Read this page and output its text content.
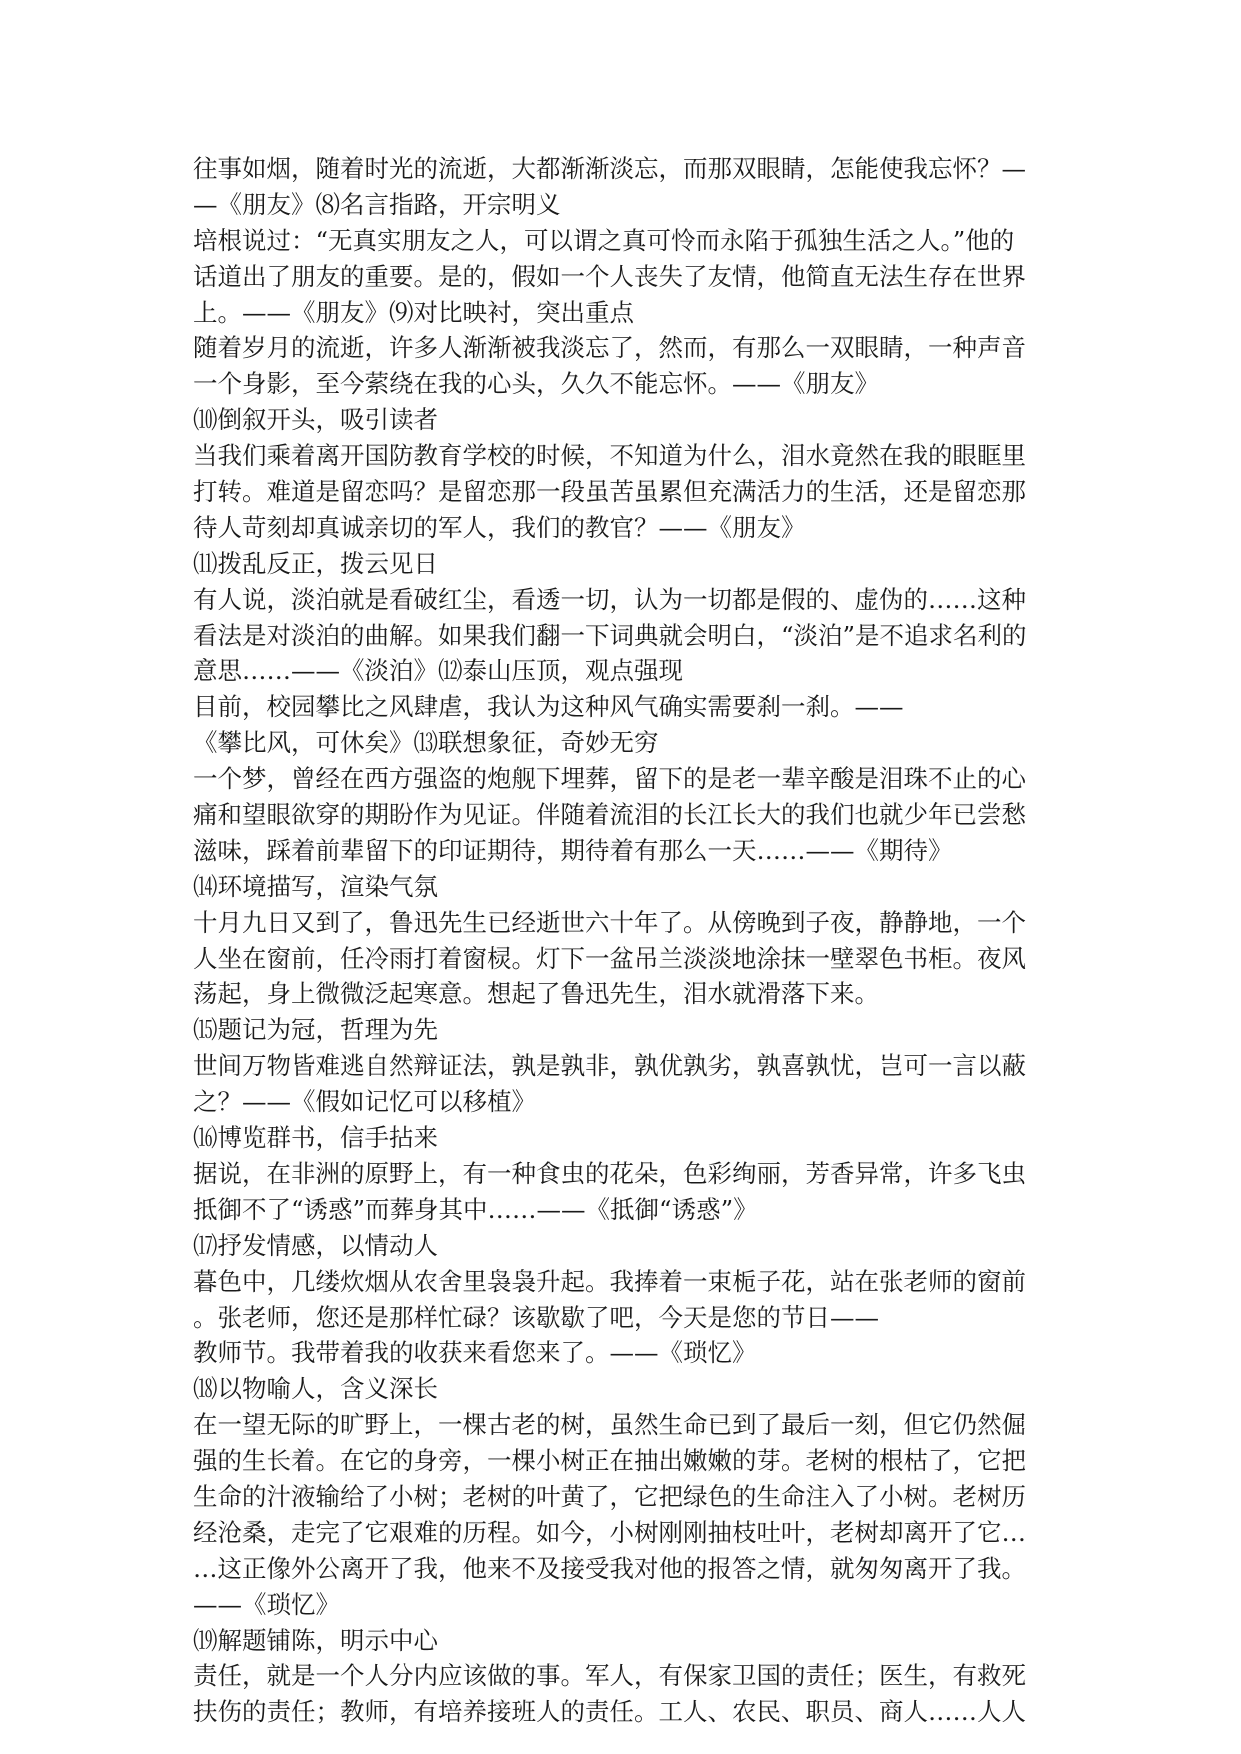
往事如烟，随着时光的流逝，大都渐渐淡忘，而那双眼睛，怎能使我忘怀？—
—《朋友》⑻名言指路，开宗明义
培根说过：“无真实朋友之人，可以谓之真可怜而永陷于孤独生活之人。”他的
话道出了朋友的重要。是的，假如一个人丧失了友情，他简直无法生存在世界
上。——《朋友》⑼对比映衬，突出重点
随着岁月的流逝，许多人渐渐被我淡忘了，然而，有那么一双眼睛，一种声音
一个身影，至今萦绕在我的心头，久久不能忘怀。——《朋友》
⑽倒叙开头，吸引读者
当我们乘着离开国防教育学校的时候，不知道为什么，泪水竟然在我的眼眶里
打转。难道是留恋吗？是留恋那一段虽苦虽累但充满活力的生活，还是留恋那
待人苛刻却真诚亲切的军人，我们的教官？——《朋友》
⑾拨乱反正，拨云见日
有人说，淡泊就是看破红尘，看透一切，认为一切都是假的、虚伪的……这种
看法是对淡泊的曲解。如果我们翻一下词典就会明白，“淡泊”是不追求名利的
意思……——《淡泊》⑿泰山压顶，观点强现
目前，校园攀比之风肆虐，我认为这种风气确实需要刹一刹。——
《攀比风，可休矣》⒀联想象征，奇妙无穷
一个梦，曾经在西方强盗的炮舰下埋葬，留下的是老一辈辛酸是泪珠不止的心
痛和望眼欲穿的期盼作为见证。伴随着流泪的长江长大的我们也就少年已尝愁
滋味，踩着前辈留下的印证期待，期待着有那么一天……——《期待》
⒁环境描写，渲染气氛
十月九日又到了，鲁迅先生已经逝世六十年了。从傍晚到子夜，静静地，一个
人坐在窗前，任冷雨打着窗棂。灯下一盆吊兰淡淡地涂抹一壁翠色书柜。夜风
荡起，身上微微泛起寒意。想起了鲁迅先生，泪水就滑落下来。
⒂题记为冠，哲理为先
世间万物皆难逃自然辩证法，孰是孰非，孰优孰劣，孰喜孰忧，岂可一言以蔽
之？——《假如记忆可以移植》
⒃博览群书，信手拈来
据说，在非洲的原野上，有一种食虫的花朵，色彩绚丽，芳香异常，许多飞虫
抵御不了“诱惑”而葬身其中……——《抵御“诱惑”》
⒄抒发情感，以情动人
暮色中，几缕炊烟从农舍里袅袅升起。我捧着一束栀子花，站在张老师的窗前
。张老师，您还是那样忙碌？该歇歇了吧，今天是您的节日——
教师节。我带着我的收获来看您来了。——《琐忆》
⒅以物喻人，含义深长
在一望无际的旷野上，一棵古老的树，虽然生命已到了最后一刻，但它仍然倔
强的生长着。在它的身旁，一棵小树正在抽出嫩嫩的芽。老树的根枯了，它把
生命的汁液输给了小树；老树的叶黄了，它把绿色的生命注入了小树。老树历
经沧桑，走完了它艰难的历程。如今，小树刚刚抽枝吐叶，老树却离开了它…
…这正像外公离开了我，他来不及接受我对他的报答之情，就匆匆离开了我。
——《琐忆》
⒆解题铺陈，明示中心
责任，就是一个人分内应该做的事。军人，有保家卫国的责任；医生，有救死
扶伤的责任；教师，有培养接班人的责任。工人、农民、职员、商人……人人
